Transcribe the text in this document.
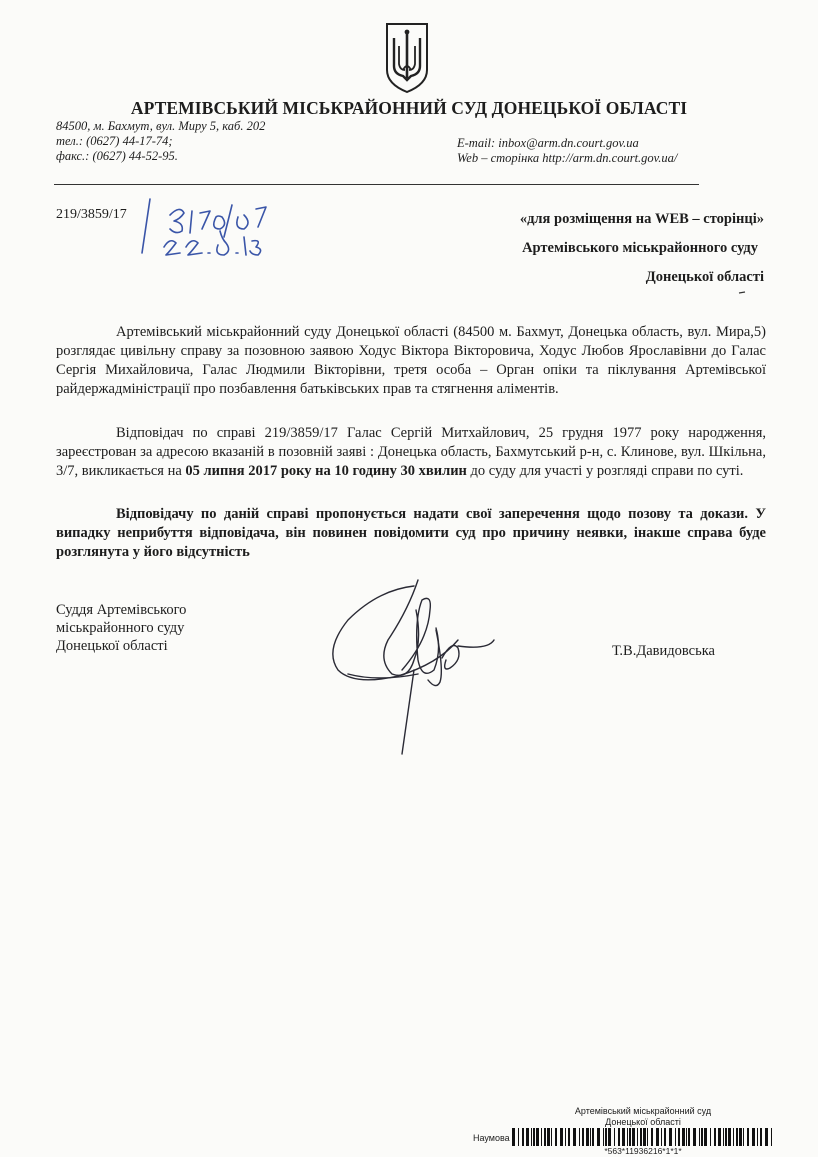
АРТЕМІВСЬКИЙ МІСЬКРАЙОННИЙ СУД ДОНЕЦЬКОЇ ОБЛАСТІ
84500, м. Бахмут, вул. Миру 5, каб. 202
тел.: (0627) 44-17-74;
факс.: (0627) 44-52-95.
E-mail: inbox@arm.dn.court.gov.ua
Web – сторінка http://arm.dn.court.gov.ua/
219/3859/17	«для розміщення на WEB – сторінці»
Артемівського міськрайонного суду
Донецької області

Артемівський міськрайонний суду Донецької області (84500 м. Бахмут, Донецька область, вул. Мира,5) розглядає цивільну справу за позовною заявою Ходус Віктора Вікторовича, Ходус Любов Ярославівни до Галас Сергія Михайловича, Галас Людмили Вікторівни, третя особа – Орган опіки та піклування Артемівської райдержадміністрації про позбавлення батьківських прав та стягнення аліментів.

Відповідач по справі 219/3859/17 Галас Сергій Митхайлович, 25 грудня 1977 року народження, зареєстрован за адресою вказаній в позовній заяві : Донецька область, Бахмутський р-н, с. Клинове, вул. Шкільна, 3/7, викликається на 05 липня 2017 року на 10 годину 30 хвилин до суду для участі у розгляді справи по суті.

Відповідачу по даній справі пропонується надати свої заперечення щодо позову та докази. У випадку неприбуття відповідача, він повинен повідомити суд про причину неявки, інакше справа буде розглянута у його відсутність

Суддя Артемівського
міськрайонного суду
Донецької області	Т.В.Давидовська
Артемівський міськрайонний суд
Донецької області
Наумова
*563*11936216*1*1*
